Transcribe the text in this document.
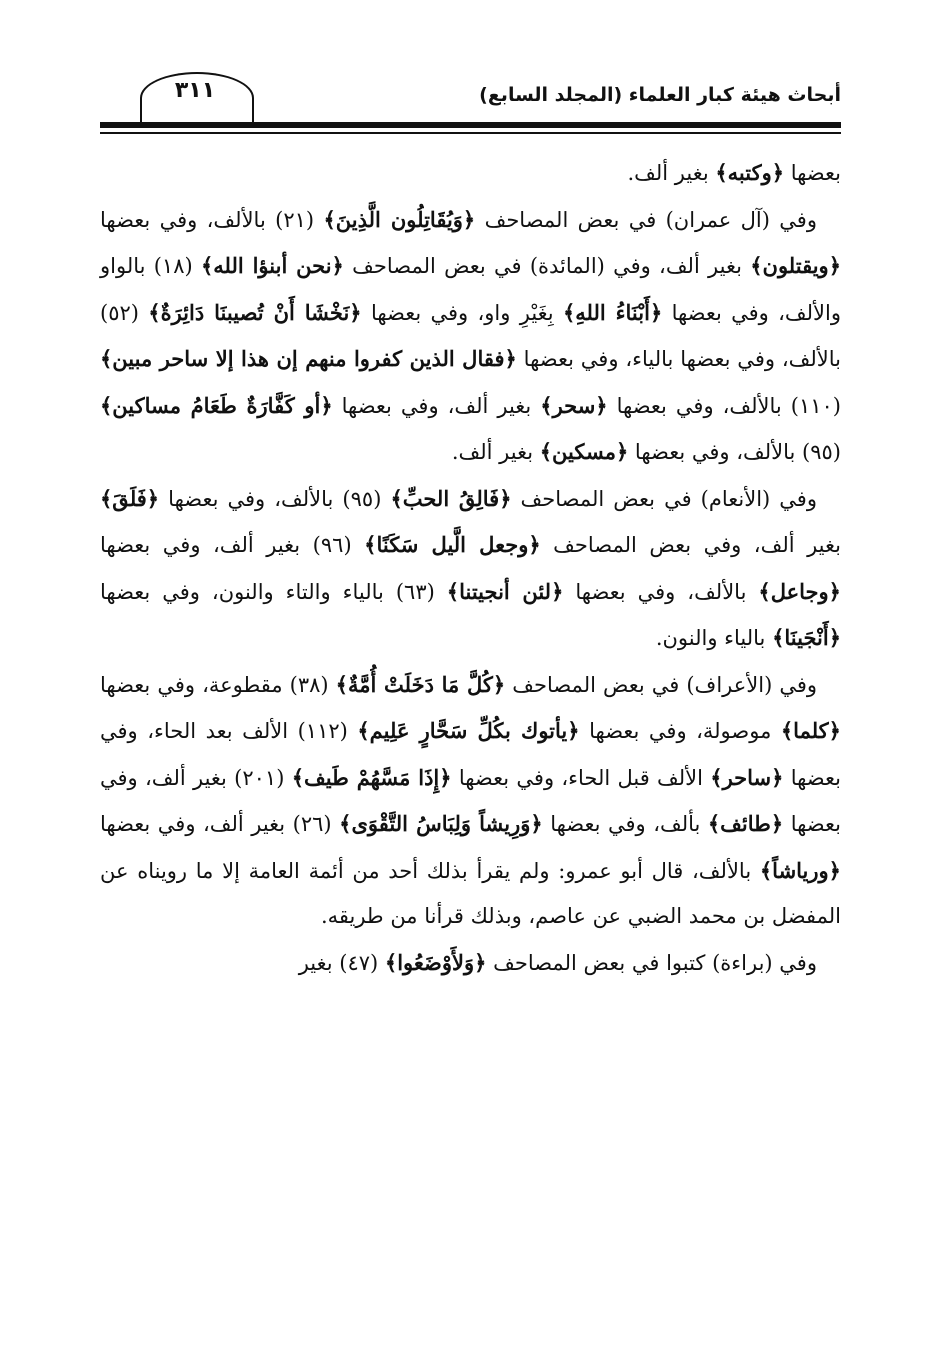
أبحاث هيئة كبار العلماء (المجلد السابع)
٣١١

بعضها ﴿وكتبه﴾ بغير ألف.

وفي (آل عمران) في بعض المصاحف ﴿وَيُقَاتِلُون الَّذِينَ﴾ (٢١) بالألف، وفي بعضها ﴿ويقتلون﴾ بغير ألف، وفي (المائدة) في بعض المصاحف ﴿نحن أبنؤا الله﴾ (١٨) بالواو والألف، وفي بعضها ﴿أَبْنَاءُ اللهِ﴾ بِغَيْرِ واو، وفي بعضها ﴿نَخْشَا أَنْ تُصيبنَا دَائِرَةٌ﴾ (٥٢) بالألف، وفي بعضها بالياء، وفي بعضها ﴿فقال الذين كفروا منهم إن هذا إلا ساحر مبين﴾ (١١٠) بالألف، وفي بعضها ﴿سحر﴾ بغير ألف، وفي بعضها ﴿أو كَفَّارَةٌ طَعَامُ مساكين﴾ (٩٥) بالألف، وفي بعضها ﴿مسكين﴾ بغير ألف.

وفي (الأنعام) في بعض المصاحف ﴿فَالِقُ الحبِّ﴾ (٩٥) بالألف، وفي بعضها ﴿فَلَقَ﴾ بغير ألف، وفي بعض المصاحف ﴿وجعل الَّيل سَكَنًا﴾ (٩٦) بغير ألف، وفي بعضها ﴿وجاعل﴾ بالألف، وفي بعضها ﴿لئن أنجيتنا﴾ (٦٣) بالياء والتاء والنون، وفي بعضها ﴿أَنْجَينَا﴾ بالياء والنون.

وفي (الأعراف) في بعض المصاحف ﴿كُلَّ مَا دَخَلَتْ أُمَّةٌ﴾ (٣٨) مقطوعة، وفي بعضها ﴿كلما﴾ موصولة، وفي بعضها ﴿يأتوك بكُلِّ سَحَّارٍ عَلِيم﴾ (١١٢) الألف بعد الحاء، وفي بعضها ﴿ساحر﴾ الألف قبل الحاء، وفي بعضها ﴿إِذَا مَسَّهُمْ طَيف﴾ (٢٠١) بغير ألف، وفي بعضها ﴿طائف﴾ بألف، وفي بعضها ﴿وَرِيشاً وَلِبَاسُ التَّقْوَى﴾ (٢٦) بغير ألف، وفي بعضها ﴿ورياشاً﴾ بالألف، قال أبو عمرو: ولم يقرأ بذلك أحد من أئمة العامة إلا ما رويناه عن المفضل بن محمد الضبي عن عاصم، وبذلك قرأنا من طريقه.

وفي (براءة) كتبوا في بعض المصاحف ﴿وَلأَوْضَعُوا﴾ (٤٧) بغير
